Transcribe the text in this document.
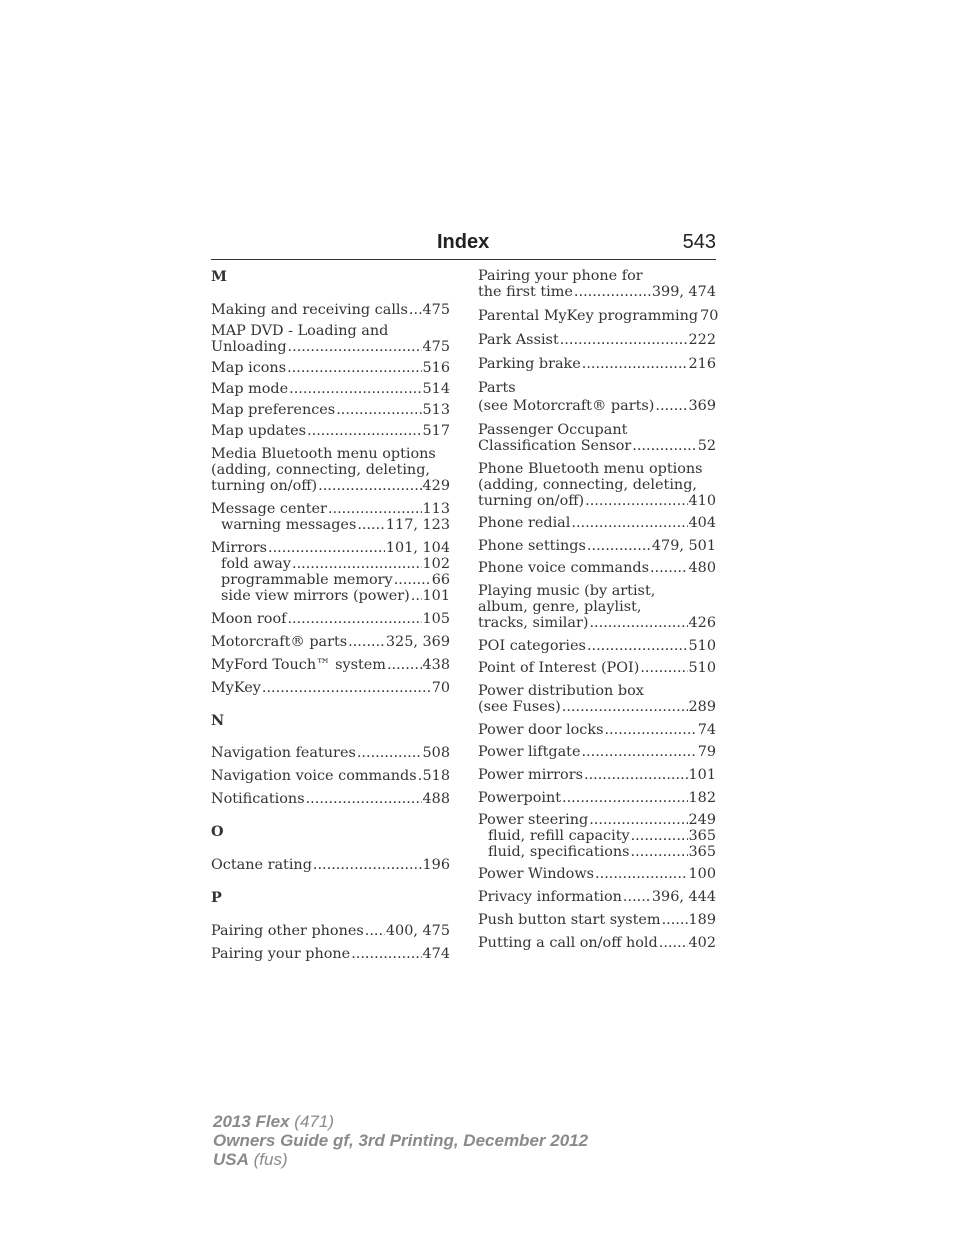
Index	543
M
Making and receiving calls ..... 475
MAP DVD - Loading and
Unloading .....	475
Map icons .....	516
Map mode .....	514
Map preferences .....	513
Map updates .....	517
Media Bluetooth menu options
(adding, connecting, deleting,
turning on/off) .....	429
Message center .....	113
warning messages ..... 117, 123
Mirrors .....	101, 104
fold away .....	102
programmable memory .....	66
side view mirrors (power) ..... 101
Moon roof .....	105
Motorcraft® parts .....	325, 369
MyFord Touch™ system .....	438
MyKey .....	70
N
Navigation features .....	508
Navigation voice commands ..... 518
Notifications .....	488
O
Octane rating .....	196
P
Pairing other phones ..... 400, 475
Pairing your phone .....	474
Pairing your phone for
the first time .....	399, 474
Parental MyKey programming 70
Park Assist .....	222
Parking brake .....	216
Parts
(see Motorcraft® parts) ..... 369
Passenger Occupant
Classification Sensor .....	52
Phone Bluetooth menu options
(adding, connecting, deleting,
turning on/off) .....	410
Phone redial .....	404
Phone settings .....	479, 501
Phone voice commands .....	480
Playing music (by artist,
album, genre, playlist,
tracks, similar) .....	426
POI categories .....	510
Point of Interest (POI) .....	510
Power distribution box
(see Fuses) .....	289
Power door locks .....	74
Power liftgate .....	79
Power mirrors .....	101
Powerpoint .....	182
Power steering .....	249
fluid, refill capacity .....	365
fluid, specifications .....	365
Power Windows .....	100
Privacy information ..... 396, 444
Push button start system ..... 189
Putting a call on/off hold ..... 402
2013 Flex (471)
Owners Guide gf, 3rd Printing, December 2012
USA (fus)
